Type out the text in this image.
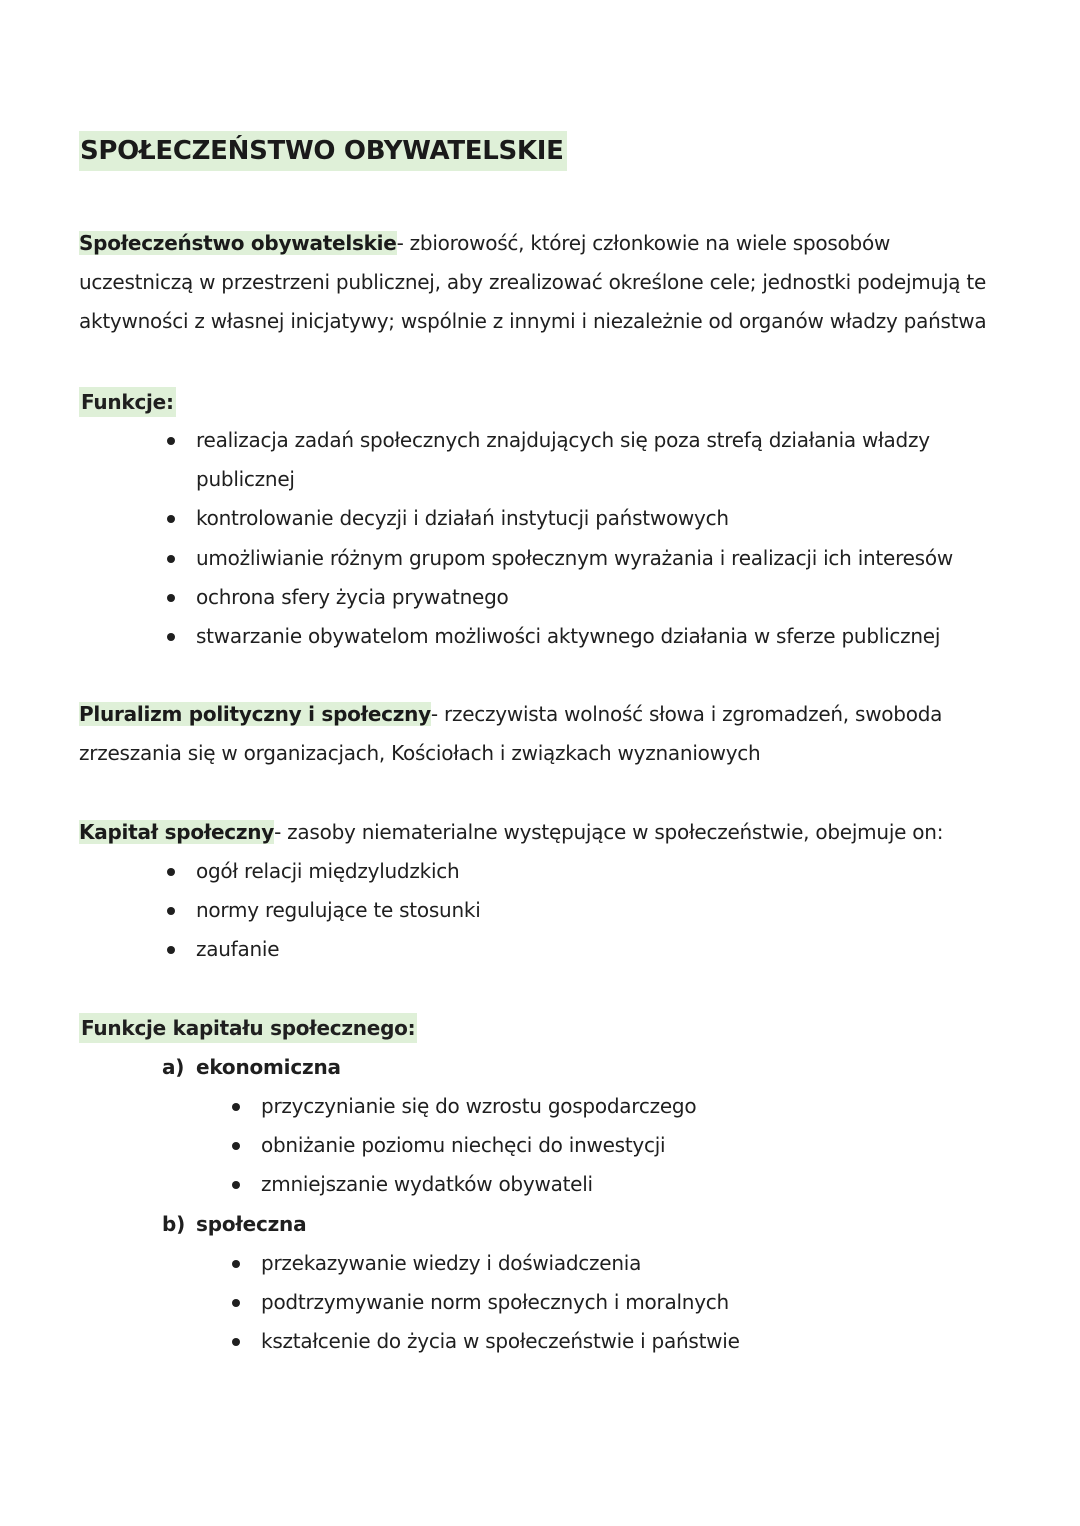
SPOŁECZEŃSTWO OBYWATELSKIE
Społeczeństwo obywatelskie- zbiorowość, której członkowie na wiele sposobów uczestniczą w przestrzeni publicznej, aby zrealizować określone cele; jednostki podejmują te aktywności z własnej inicjatywy; wspólnie z innymi i niezależnie od organów władzy państwa
Funkcje:
realizacja zadań społecznych znajdujących się poza strefą działania władzy publicznej
kontrolowanie decyzji i działań instytucji państwowych
umożliwianie różnym grupom społecznym wyrażania i realizacji ich interesów
ochrona sfery życia prywatnego
stwarzanie obywatelom możliwości aktywnego działania w sferze publicznej
Pluralizm polityczny i społeczny- rzeczywista wolność słowa i zgromadzeń, swoboda zrzeszania się w organizacjach, Kościołach i związkach wyznaniowych
Kapitał społeczny- zasoby niematerialne występujące w społeczeństwie, obejmuje on:
ogół relacji międzyludzkich
normy regulujące te stosunki
zaufanie
Funkcje kapitału społecznego:
a) ekonomiczna
przyczynianie się do wzrostu gospodarczego
obniżanie poziomu niechęci do inwestycji
zmniejszanie wydatków obywateli
b) społeczna
przekazywanie wiedzy i doświadczenia
podtrzymywanie norm społecznych i moralnych
kształcenie do życia w społeczeństwie i państwie
